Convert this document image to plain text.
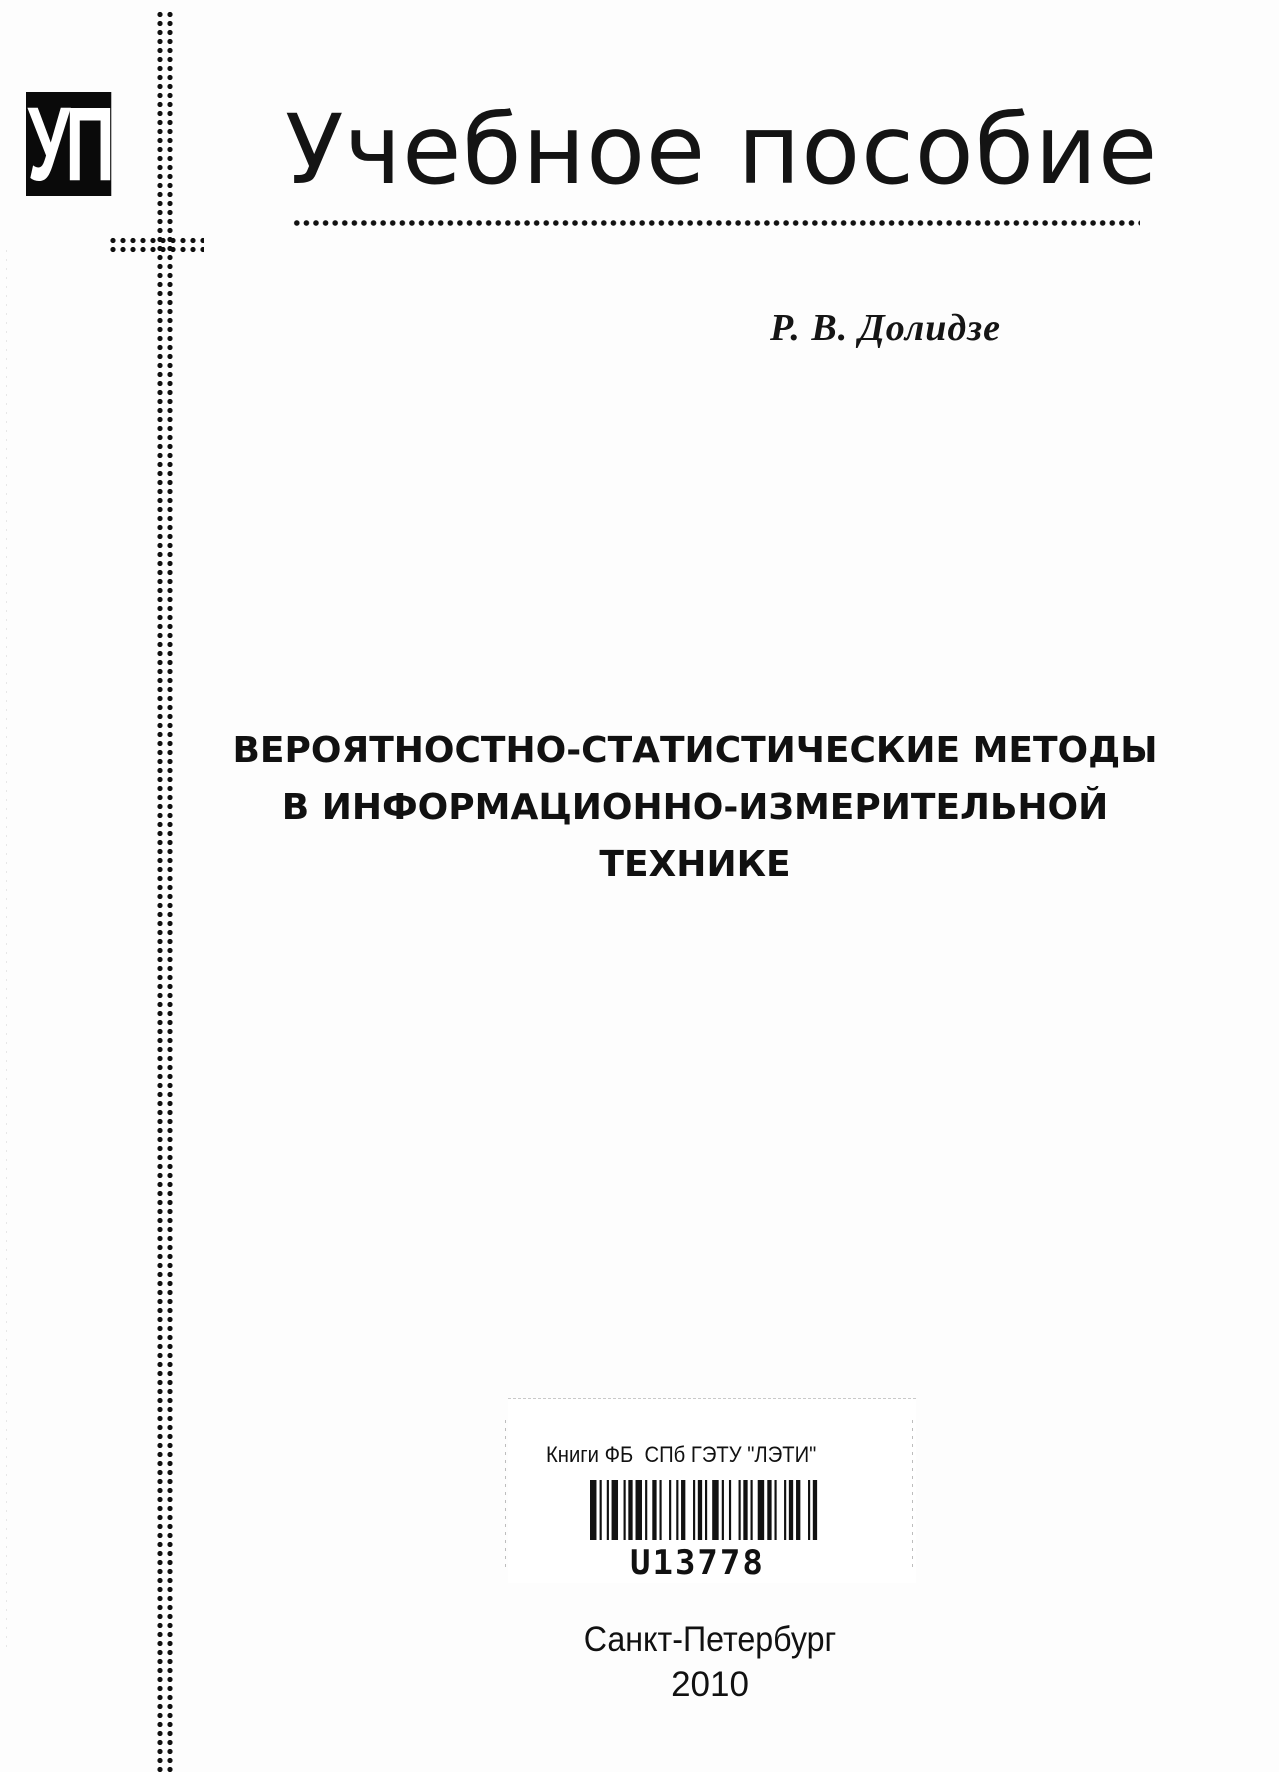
УП Учебное пособие
Р. В. Долидзе
ВЕРОЯТНОСТНО-СТАТИСТИЧЕСКИЕ МЕТОДЫ
В ИНФОРМАЦИОННО-ИЗМЕРИТЕЛЬНОЙ
ТЕХНИКЕ
Книги ФБ  СПб ГЭТУ "ЛЭТИ"
U13778
Санкт-Петербург
2010
